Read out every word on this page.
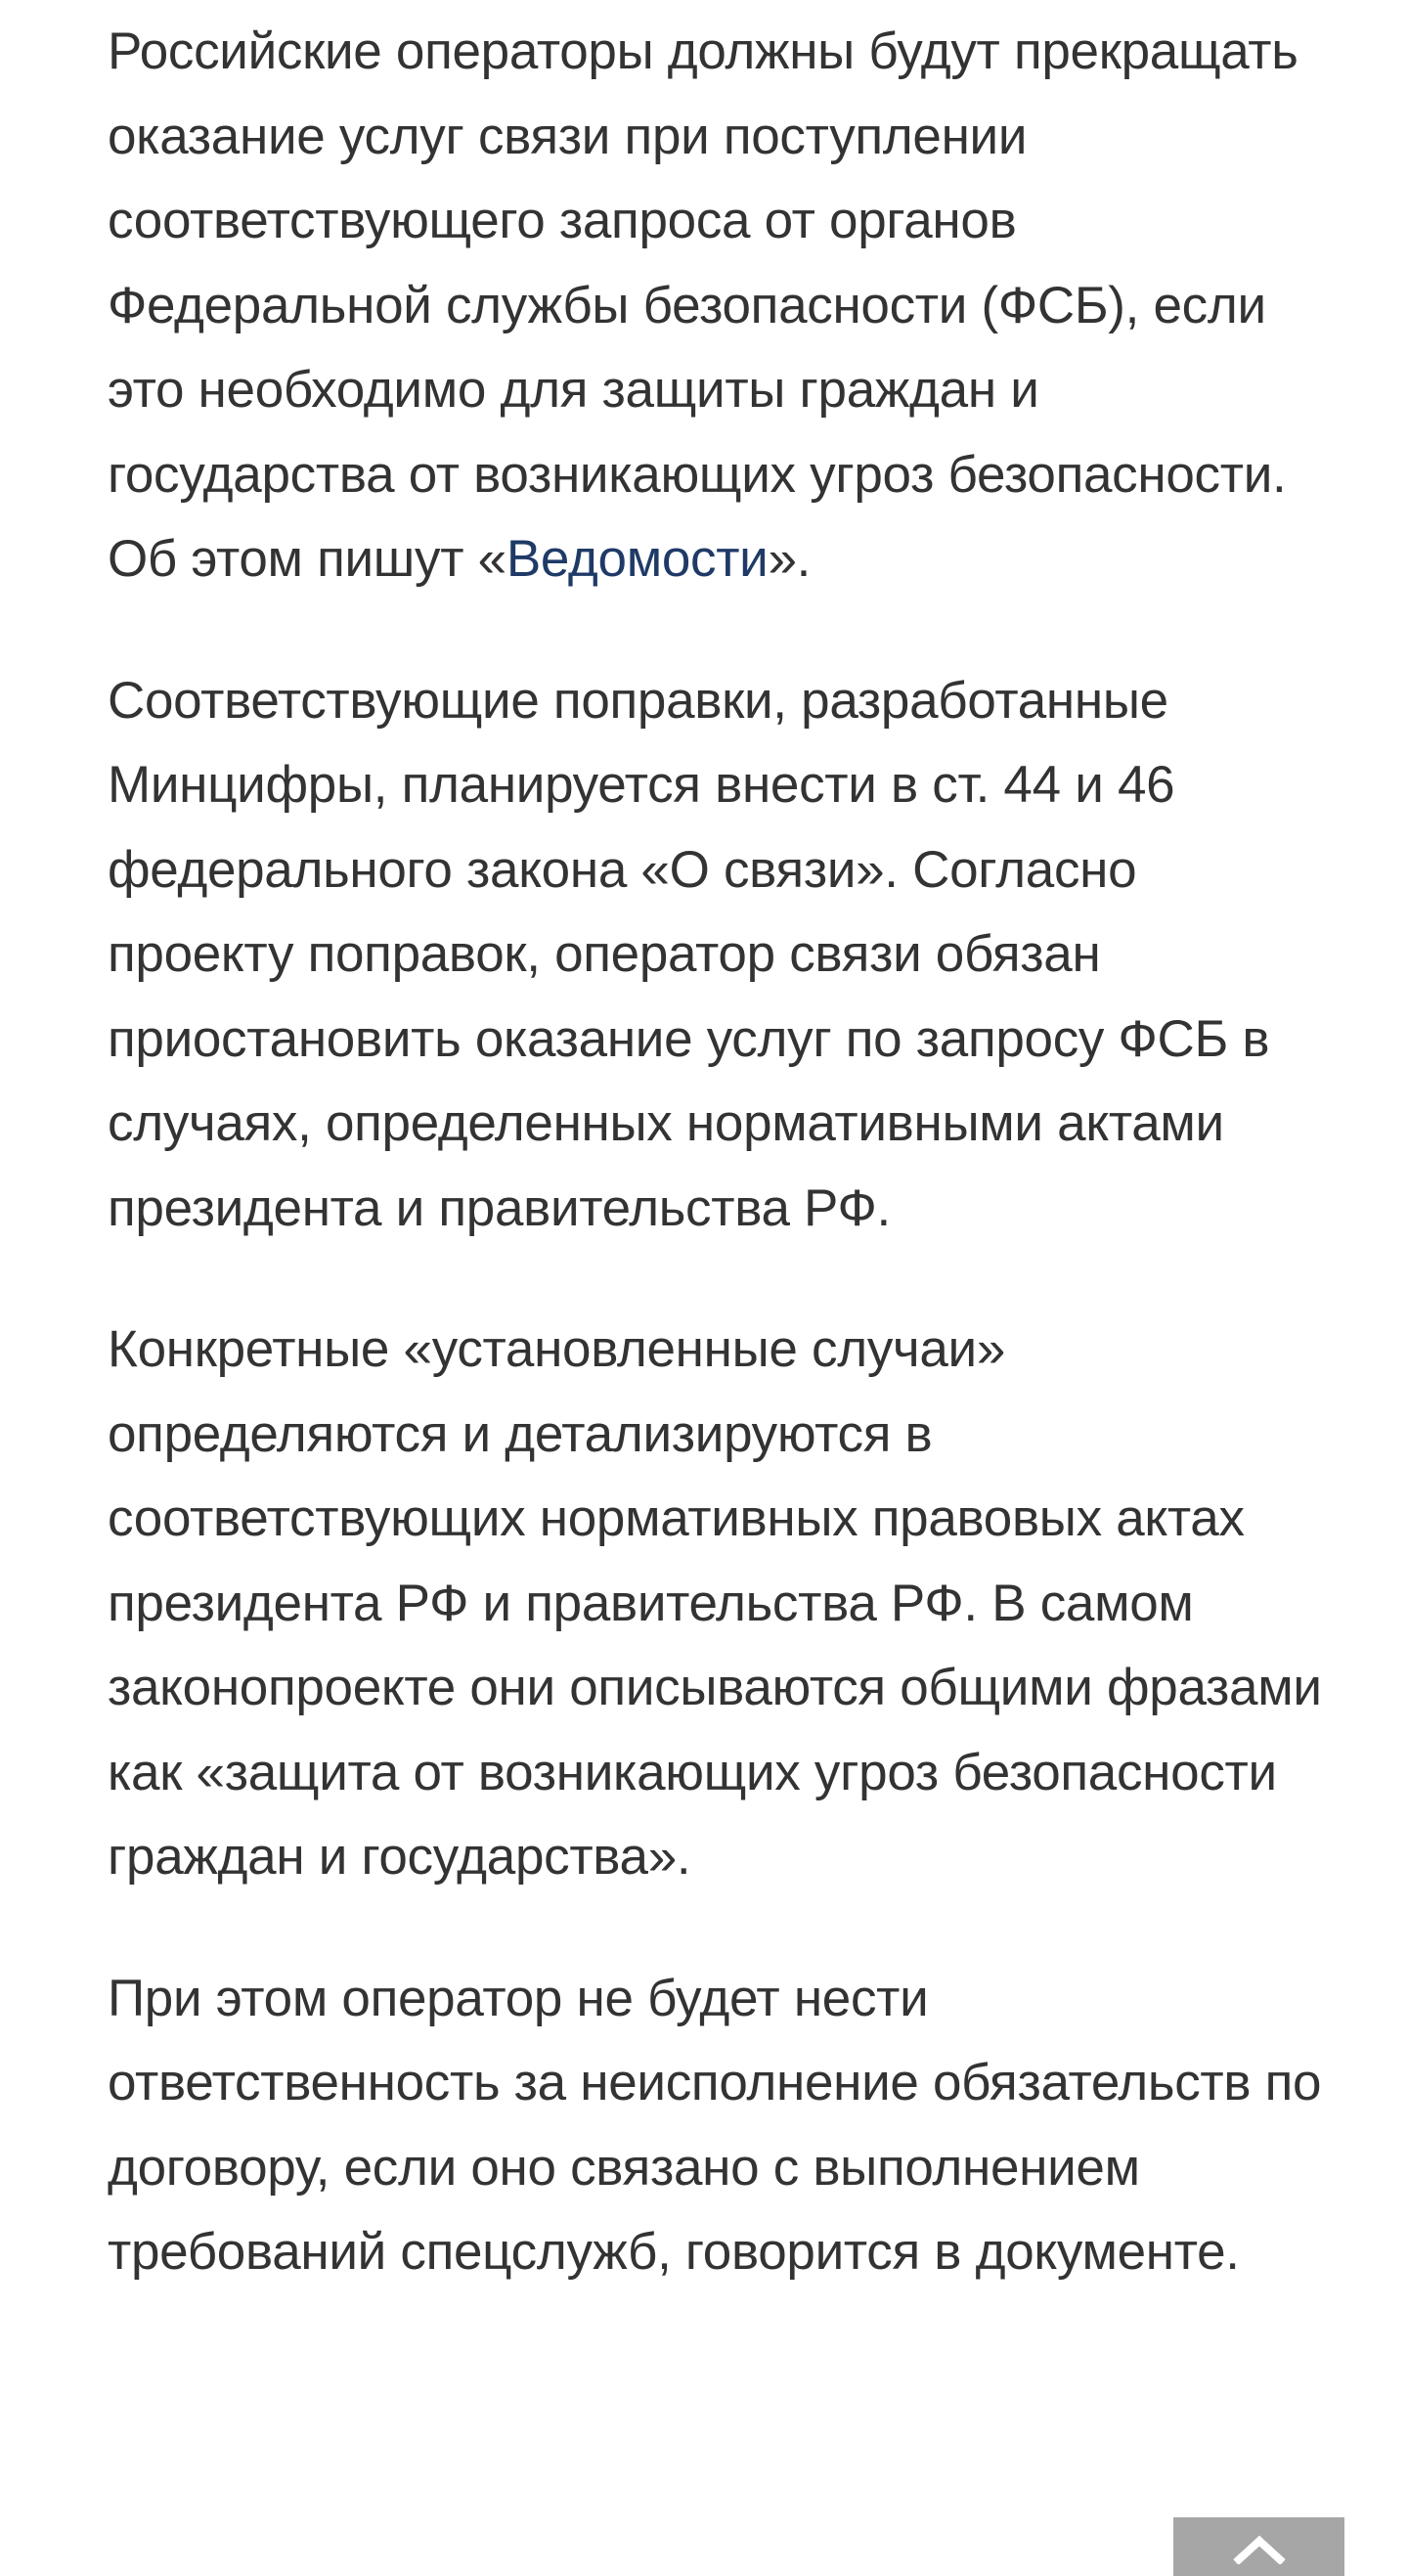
Российские операторы должны будут прекращать оказание услуг связи при поступлении соответствующего запроса от органов Федеральной службы безопасности (ФСБ), если это необходимо для защиты граждан и государства от возникающих угроз безопасности. Об этом пишут «Ведомости».

Соответствующие поправки, разработанные Минцифры, планируется внести в ст. 44 и 46 федерального закона «О связи». Согласно проекту поправок, оператор связи обязан приостановить оказание услуг по запросу ФСБ в случаях, определенных нормативными актами президента и правительства РФ.

Конкретные «установленные случаи» определяются и детализируются в соответствующих нормативных правовых актах президента РФ и правительства РФ. В самом законопроекте они описываются общими фразами как «защита от возникающих угроз безопасности граждан и государства».

При этом оператор не будет нести ответственность за неисполнение обязательств по договору, если оно связано с выполнением требований спецслужб, говорится в документе.
